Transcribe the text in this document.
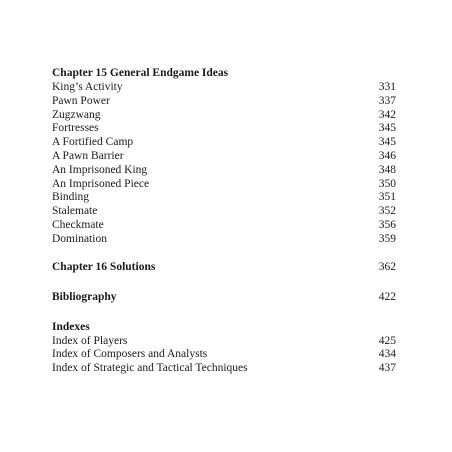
Chapter 15 General Endgame Ideas
King’s Activity	331
Pawn Power	337
Zugzwang	342
Fortresses	345
A Fortified Camp	345
A Pawn Barrier	346
An Imprisoned King	348
An Imprisoned Piece	350
Binding	351
Stalemate	352
Checkmate	356
Domination	359
Chapter 16 Solutions	362
Bibliography	422
Indexes
Index of Players	425
Index of Composers and Analysts	434
Index of Strategic and Tactical Techniques	437
